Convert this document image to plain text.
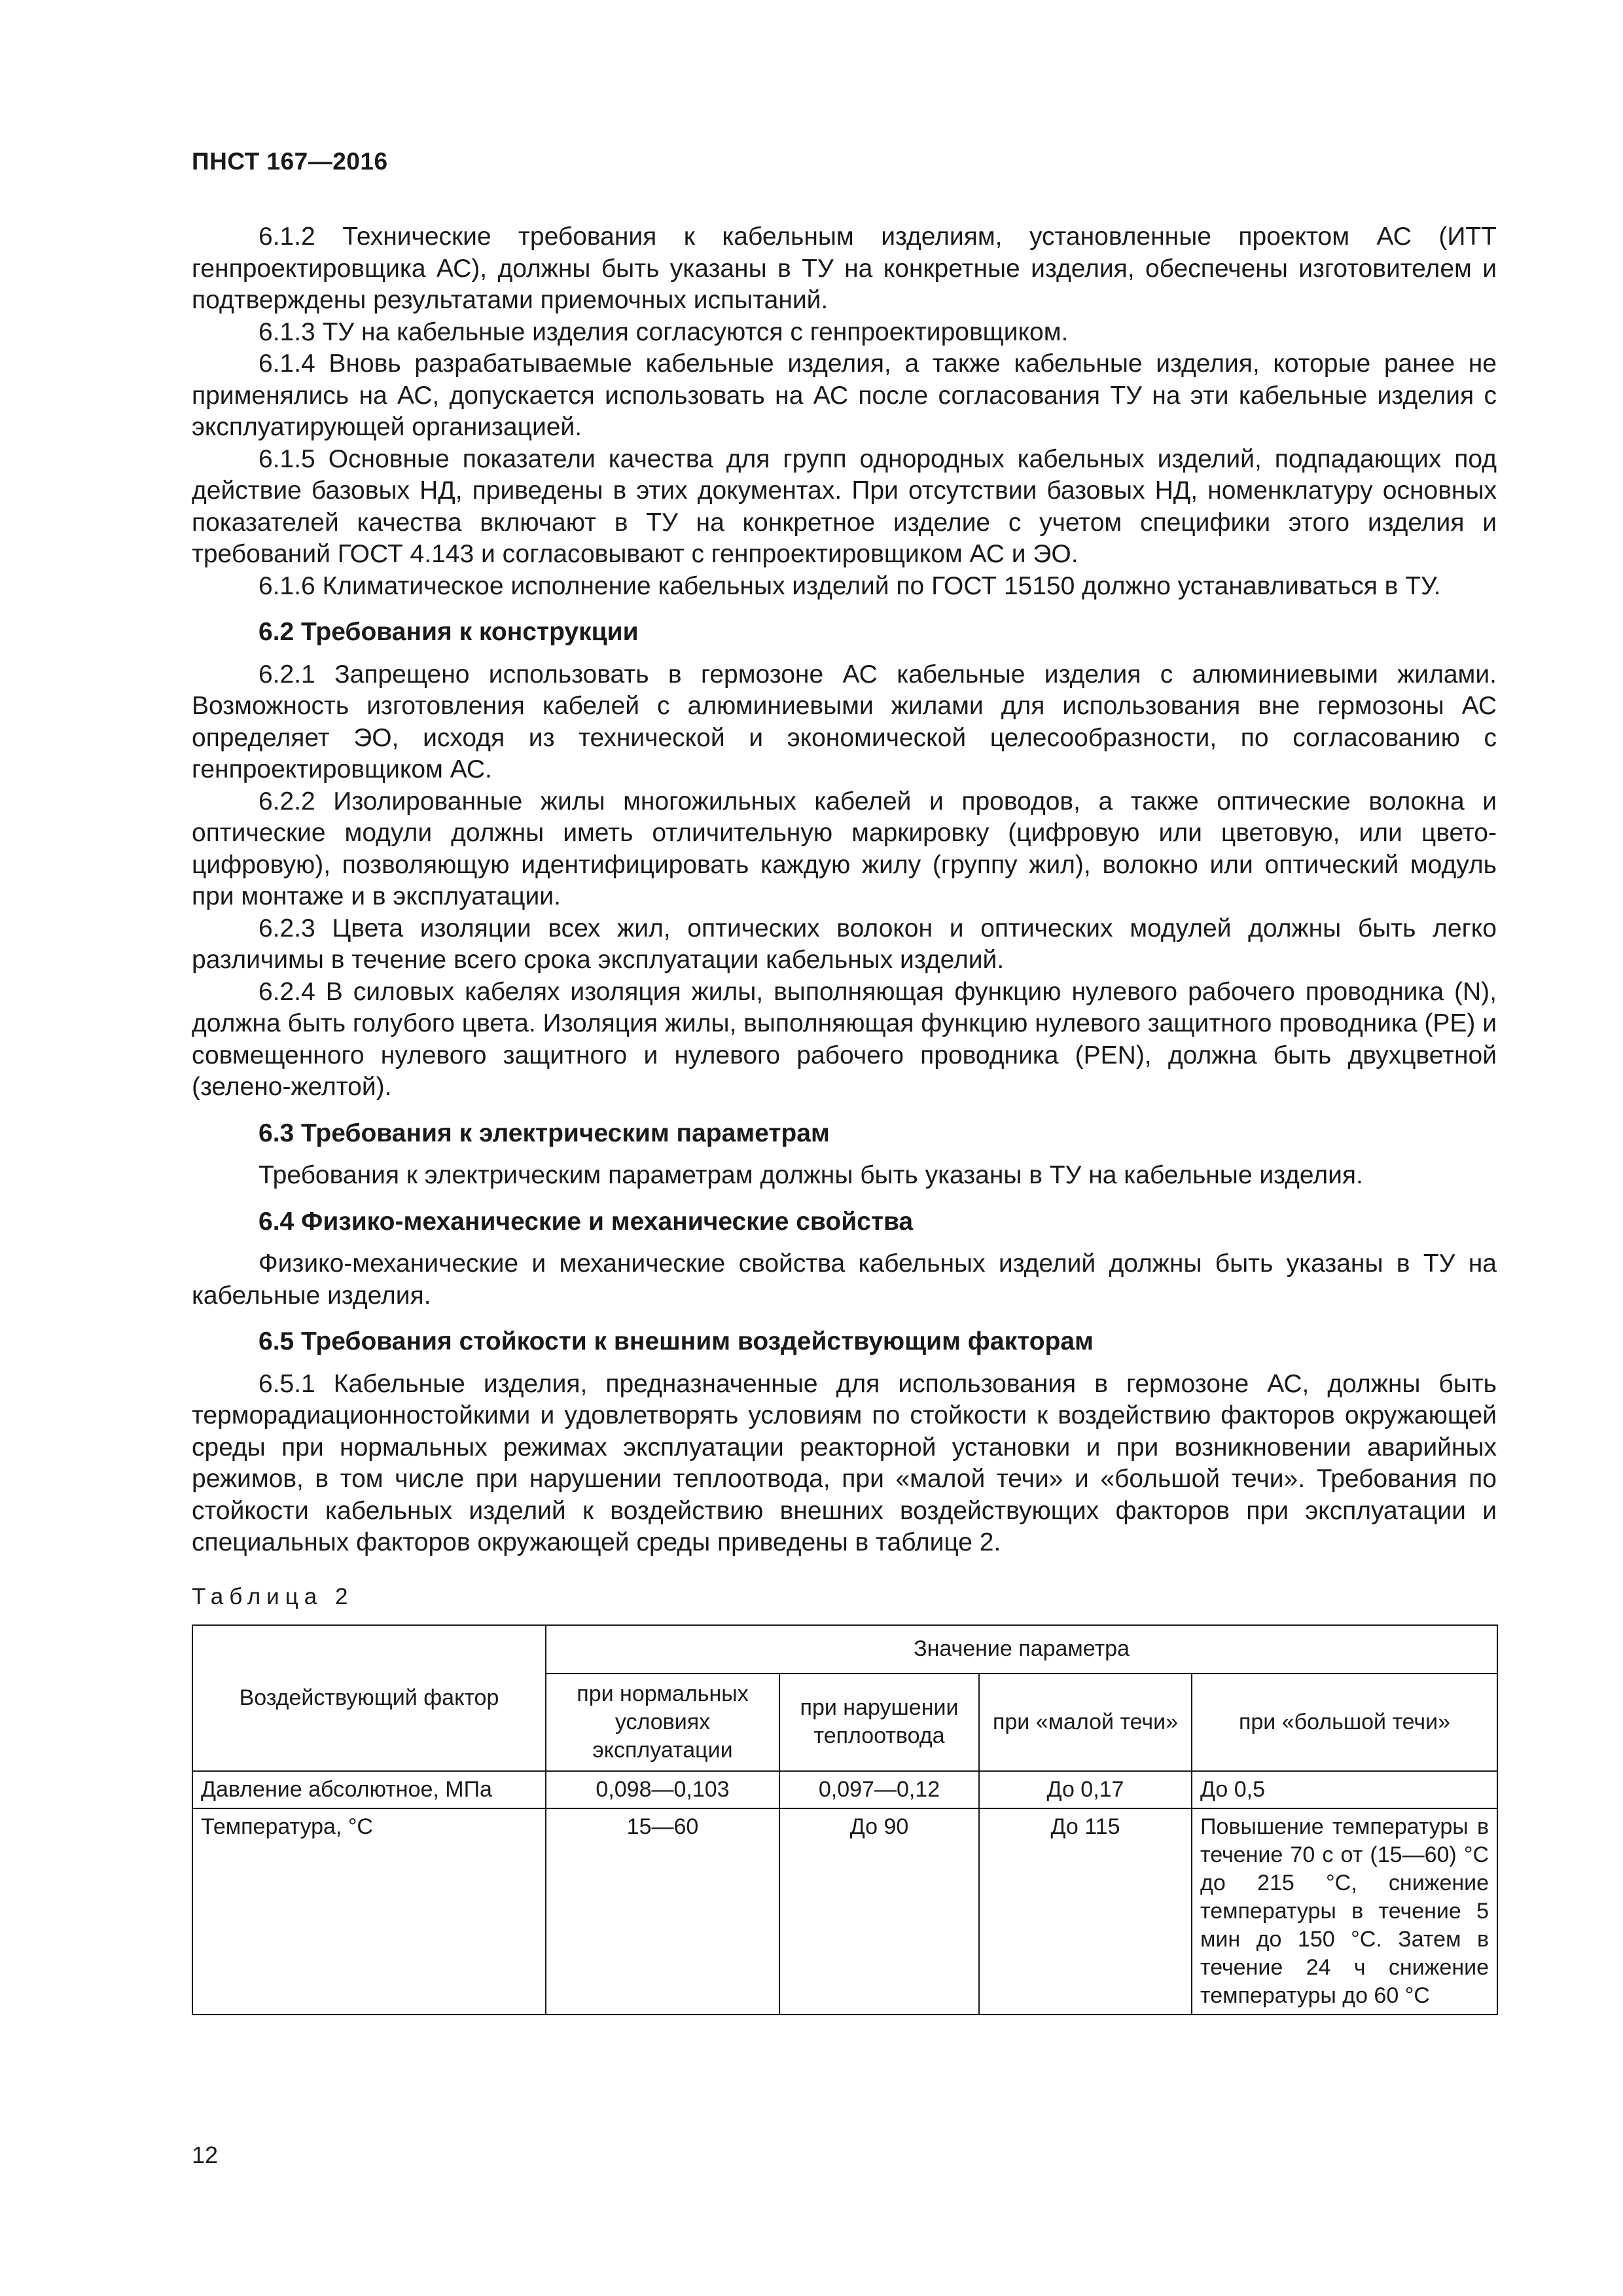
ПНСТ 167—2016

6.1.2 Технические требования к кабельным изделиям, установленные проектом АС (ИТТ генпроектировщика АС), должны быть указаны в ТУ на конкретные изделия, обеспечены изготовителем и подтверждены результатами приемочных испытаний.

6.1.3 ТУ на кабельные изделия согласуются с генпроектировщиком.

6.1.4 Вновь разрабатываемые кабельные изделия, а также кабельные изделия, которые ранее не применялись на АС, допускается использовать на АС после согласования ТУ на эти кабельные изделия с эксплуатирующей организацией.

6.1.5 Основные показатели качества для групп однородных кабельных изделий, подпадающих под действие базовых НД, приведены в этих документах. При отсутствии базовых НД, номенклатуру основных показателей качества включают в ТУ на конкретное изделие с учетом специфики этого изделия и требований ГОСТ 4.143 и согласовывают с генпроектировщиком АС и ЭО.

6.1.6 Климатическое исполнение кабельных изделий по ГОСТ 15150 должно устанавливаться в ТУ.

6.2 Требования к конструкции

6.2.1 Запрещено использовать в гермозоне АС кабельные изделия с алюминиевыми жилами. Возможность изготовления кабелей с алюминиевыми жилами для использования вне гермозоны АС определяет ЭО, исходя из технической и экономической целесообразности, по согласованию с генпроектировщиком АС.

6.2.2 Изолированные жилы многожильных кабелей и проводов, а также оптические волокна и оптические модули должны иметь отличительную маркировку (цифровую или цветовую, или цвето-цифровую), позволяющую идентифицировать каждую жилу (группу жил), волокно или оптический модуль при монтаже и в эксплуатации.

6.2.3 Цвета изоляции всех жил, оптических волокон и оптических модулей должны быть легко различимы в течение всего срока эксплуатации кабельных изделий.

6.2.4 В силовых кабелях изоляция жилы, выполняющая функцию нулевого рабочего проводника (N), должна быть голубого цвета. Изоляция жилы, выполняющая функцию нулевого защитного проводника (PE) и совмещенного нулевого защитного и нулевого рабочего проводника (PEN), должна быть двухцветной (зелено-желтой).

6.3 Требования к электрическим параметрам

Требования к электрическим параметрам должны быть указаны в ТУ на кабельные изделия.

6.4 Физико-механические и механические свойства

Физико-механические и механические свойства кабельных изделий должны быть указаны в ТУ на кабельные изделия.

6.5 Требования стойкости к внешним воздействующим факторам

6.5.1 Кабельные изделия, предназначенные для использования в гермозоне АС, должны быть терморадиационностойкими и удовлетворять условиям по стойкости к воздействию факторов окружающей среды при нормальных режимах эксплуатации реакторной установки и при возникновении аварийных режимов, в том числе при нарушении теплоотвода, при «малой течи» и «большой течи». Требования по стойкости кабельных изделий к воздействию внешних воздействующих факторов при эксплуатации и специальных факторов окружающей среды приведены в таблице 2.

Таблица 2
Воздействующий фактор	Значение параметра			
	при нормальных условиях эксплуатации	при нарушении теплоотвода	при «малой течи»	при «большой течи»
Давление абсолютное, МПа	0,098—0,103	0,097—0,12	До 0,17	До 0,5
Температура, °С	15—60	До 90	До 115	Повышение температуры в течение 70 с от (15—60) °С до 215 °С, снижение температуры в течение 5 мин до 150 °С. Затем в течение 24 ч снижение температуры до 60 °С
12
